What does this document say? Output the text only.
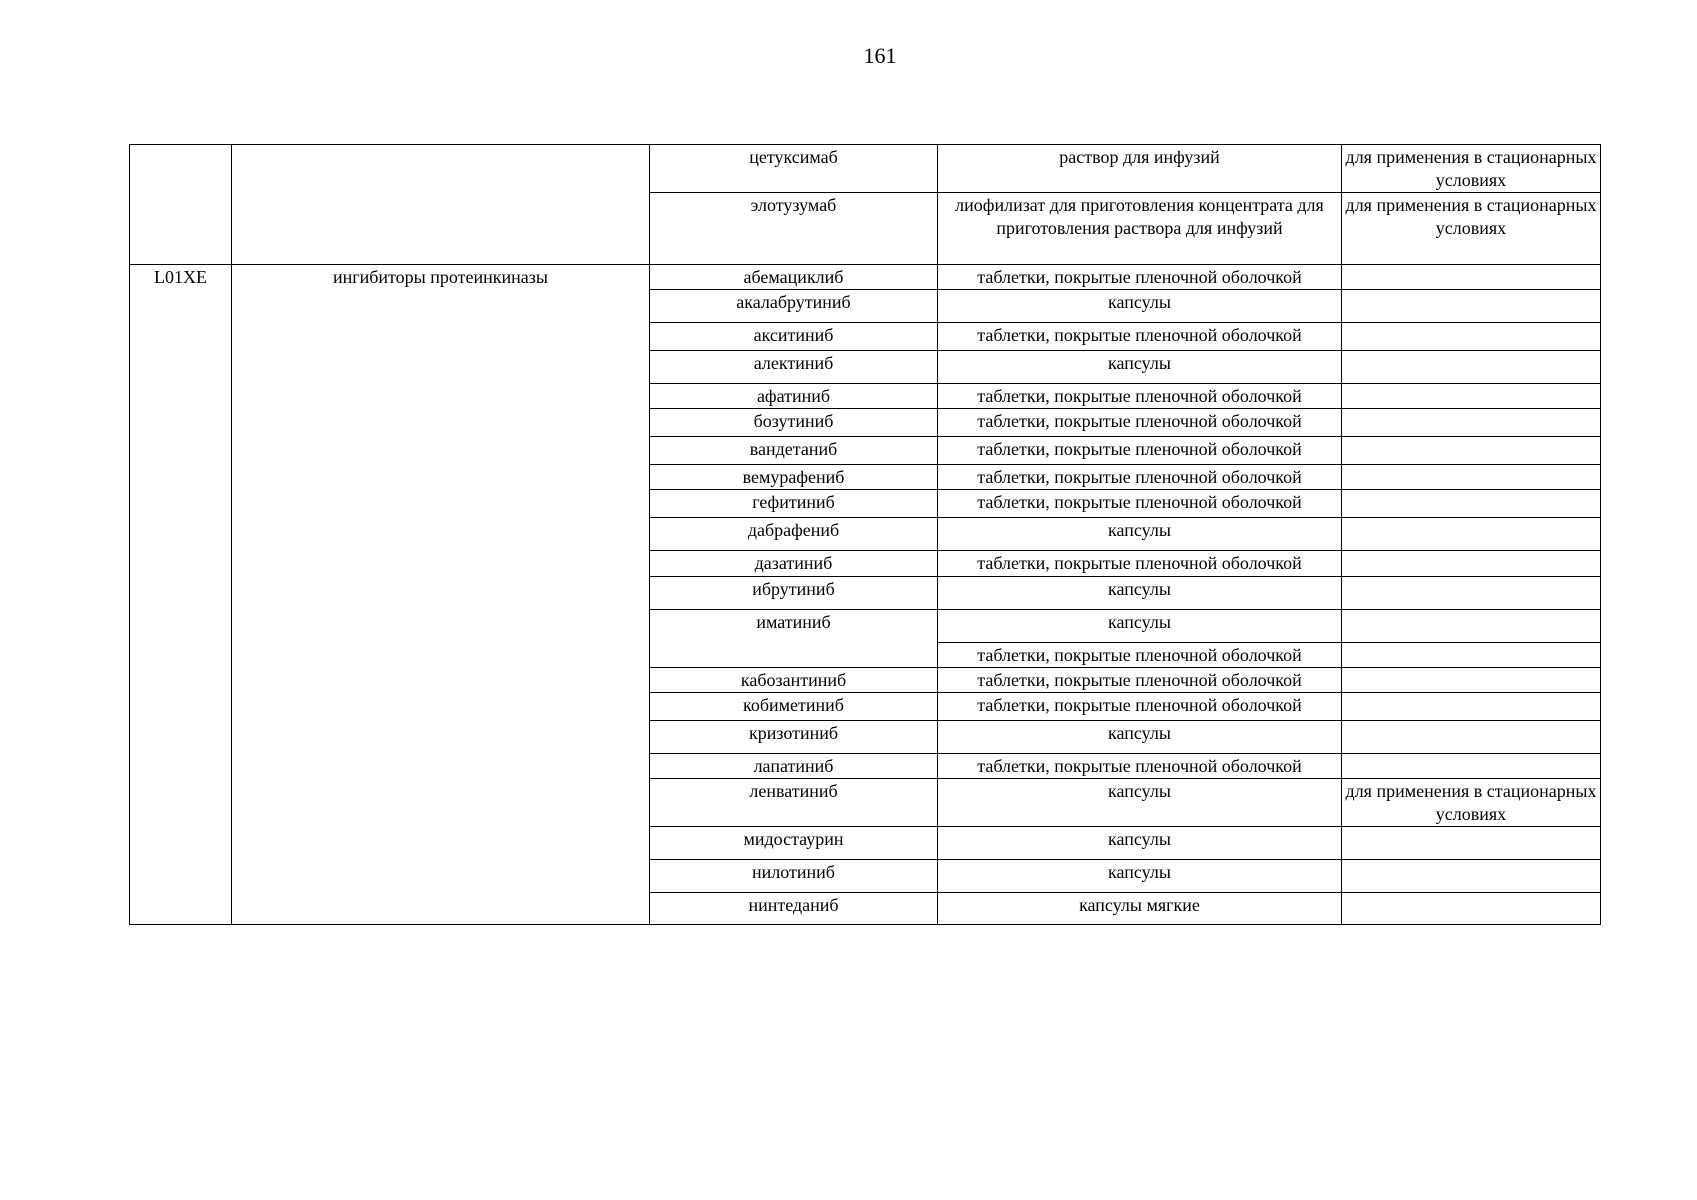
161
		цетуксимаб	раствор для инфузий	для применения в стационарных условиях
		элотузумаб	лиофилизат для приготовления концентрата для приготовления раствора для инфузий	для применения в стационарных условиях
L01XE	ингибиторы протеинкиназы	абемациклиб	таблетки, покрытые пленочной оболочкой	
		акалабрутиниб	капсулы	
		акситиниб	таблетки, покрытые пленочной оболочкой	
		алектиниб	капсулы	
		афатиниб	таблетки, покрытые пленочной оболочкой	
		бозутиниб	таблетки, покрытые пленочной оболочкой	
		вандетаниб	таблетки, покрытые пленочной оболочкой	
		вемурафениб	таблетки, покрытые пленочной оболочкой	
		гефитиниб	таблетки, покрытые пленочной оболочкой	
		дабрафениб	капсулы	
		дазатиниб	таблетки, покрытые пленочной оболочкой	
		ибрутиниб	капсулы	
		иматиниб	капсулы	
			таблетки, покрытые пленочной оболочкой	
		кабозантиниб	таблетки, покрытые пленочной оболочкой	
		кобиметиниб	таблетки, покрытые пленочной оболочкой	
		кризотиниб	капсулы	
		лапатиниб	таблетки, покрытые пленочной оболочкой	
		ленватиниб	капсулы	для применения в стационарных условиях
		мидостаурин	капсулы	
		нилотиниб	капсулы	
		нинтеданиб	капсулы мягкие	
